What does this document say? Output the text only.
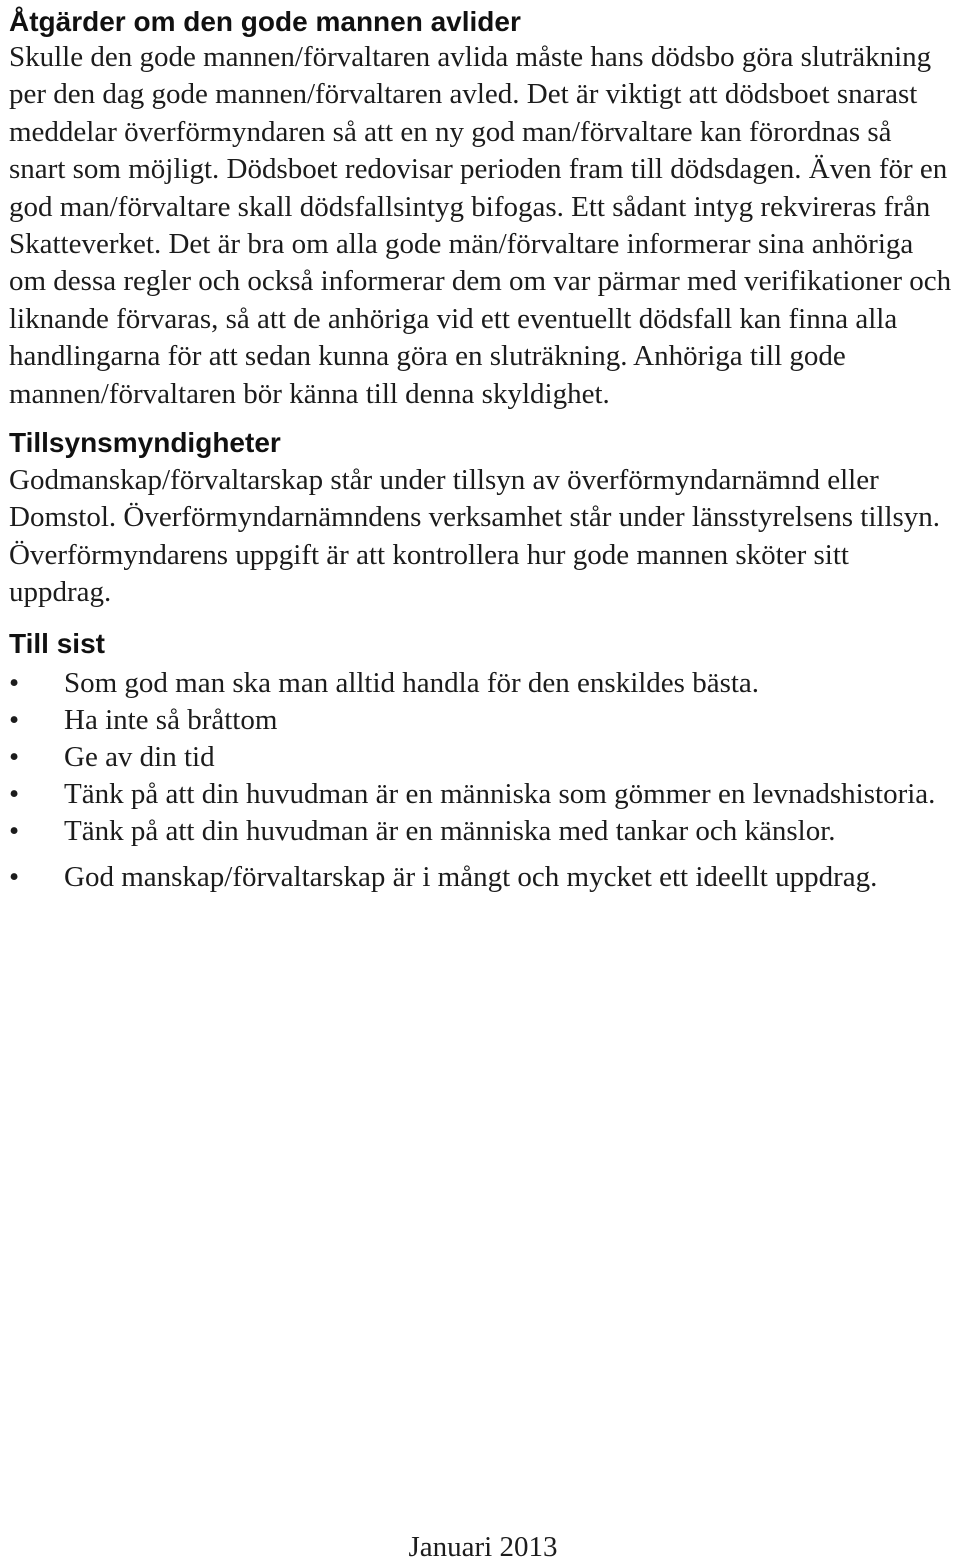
Åtgärder om den gode mannen avlider

Skulle den gode mannen/förvaltaren avlida måste hans dödsbo göra sluträkning per den dag gode mannen/förvaltaren avled. Det är viktigt att dödsboet snarast meddelar överförmyndaren så att en ny god man/förvaltare kan förordnas så snart som möjligt. Dödsboet redovisar perioden fram till dödsdagen. Även för en god man/förvaltare skall dödsfallsintyg bifogas. Ett sådant intyg rekvireras från Skatteverket. Det är bra om alla gode män/förvaltare informerar sina anhöriga om dessa regler och också informerar dem om var pärmar med verifikationer och liknande förvaras, så att de anhöriga vid ett eventuellt dödsfall kan finna alla handlingarna för att sedan kunna göra en sluträkning. Anhöriga till gode mannen/förvaltaren bör känna till denna skyldighet.

Tillsynsmyndigheter

Godmanskap/förvaltarskap står under tillsyn av överförmyndarnämnd eller Domstol. Överförmyndarnämndens verksamhet står under länsstyrelsens tillsyn. Överförmyndarens uppgift är att kontrollera hur gode mannen sköter sitt uppdrag.

Till sist
• Som god man ska man alltid handla för den enskildes bästa.
• Ha inte så bråttom
• Ge av din tid
• Tänk på att din huvudman är en människa som gömmer en levnadshistoria.
• Tänk på att din huvudman är en människa med tankar och känslor.
• God manskap/förvaltarskap är i mångt och mycket ett ideellt uppdrag.
Januari 2013
